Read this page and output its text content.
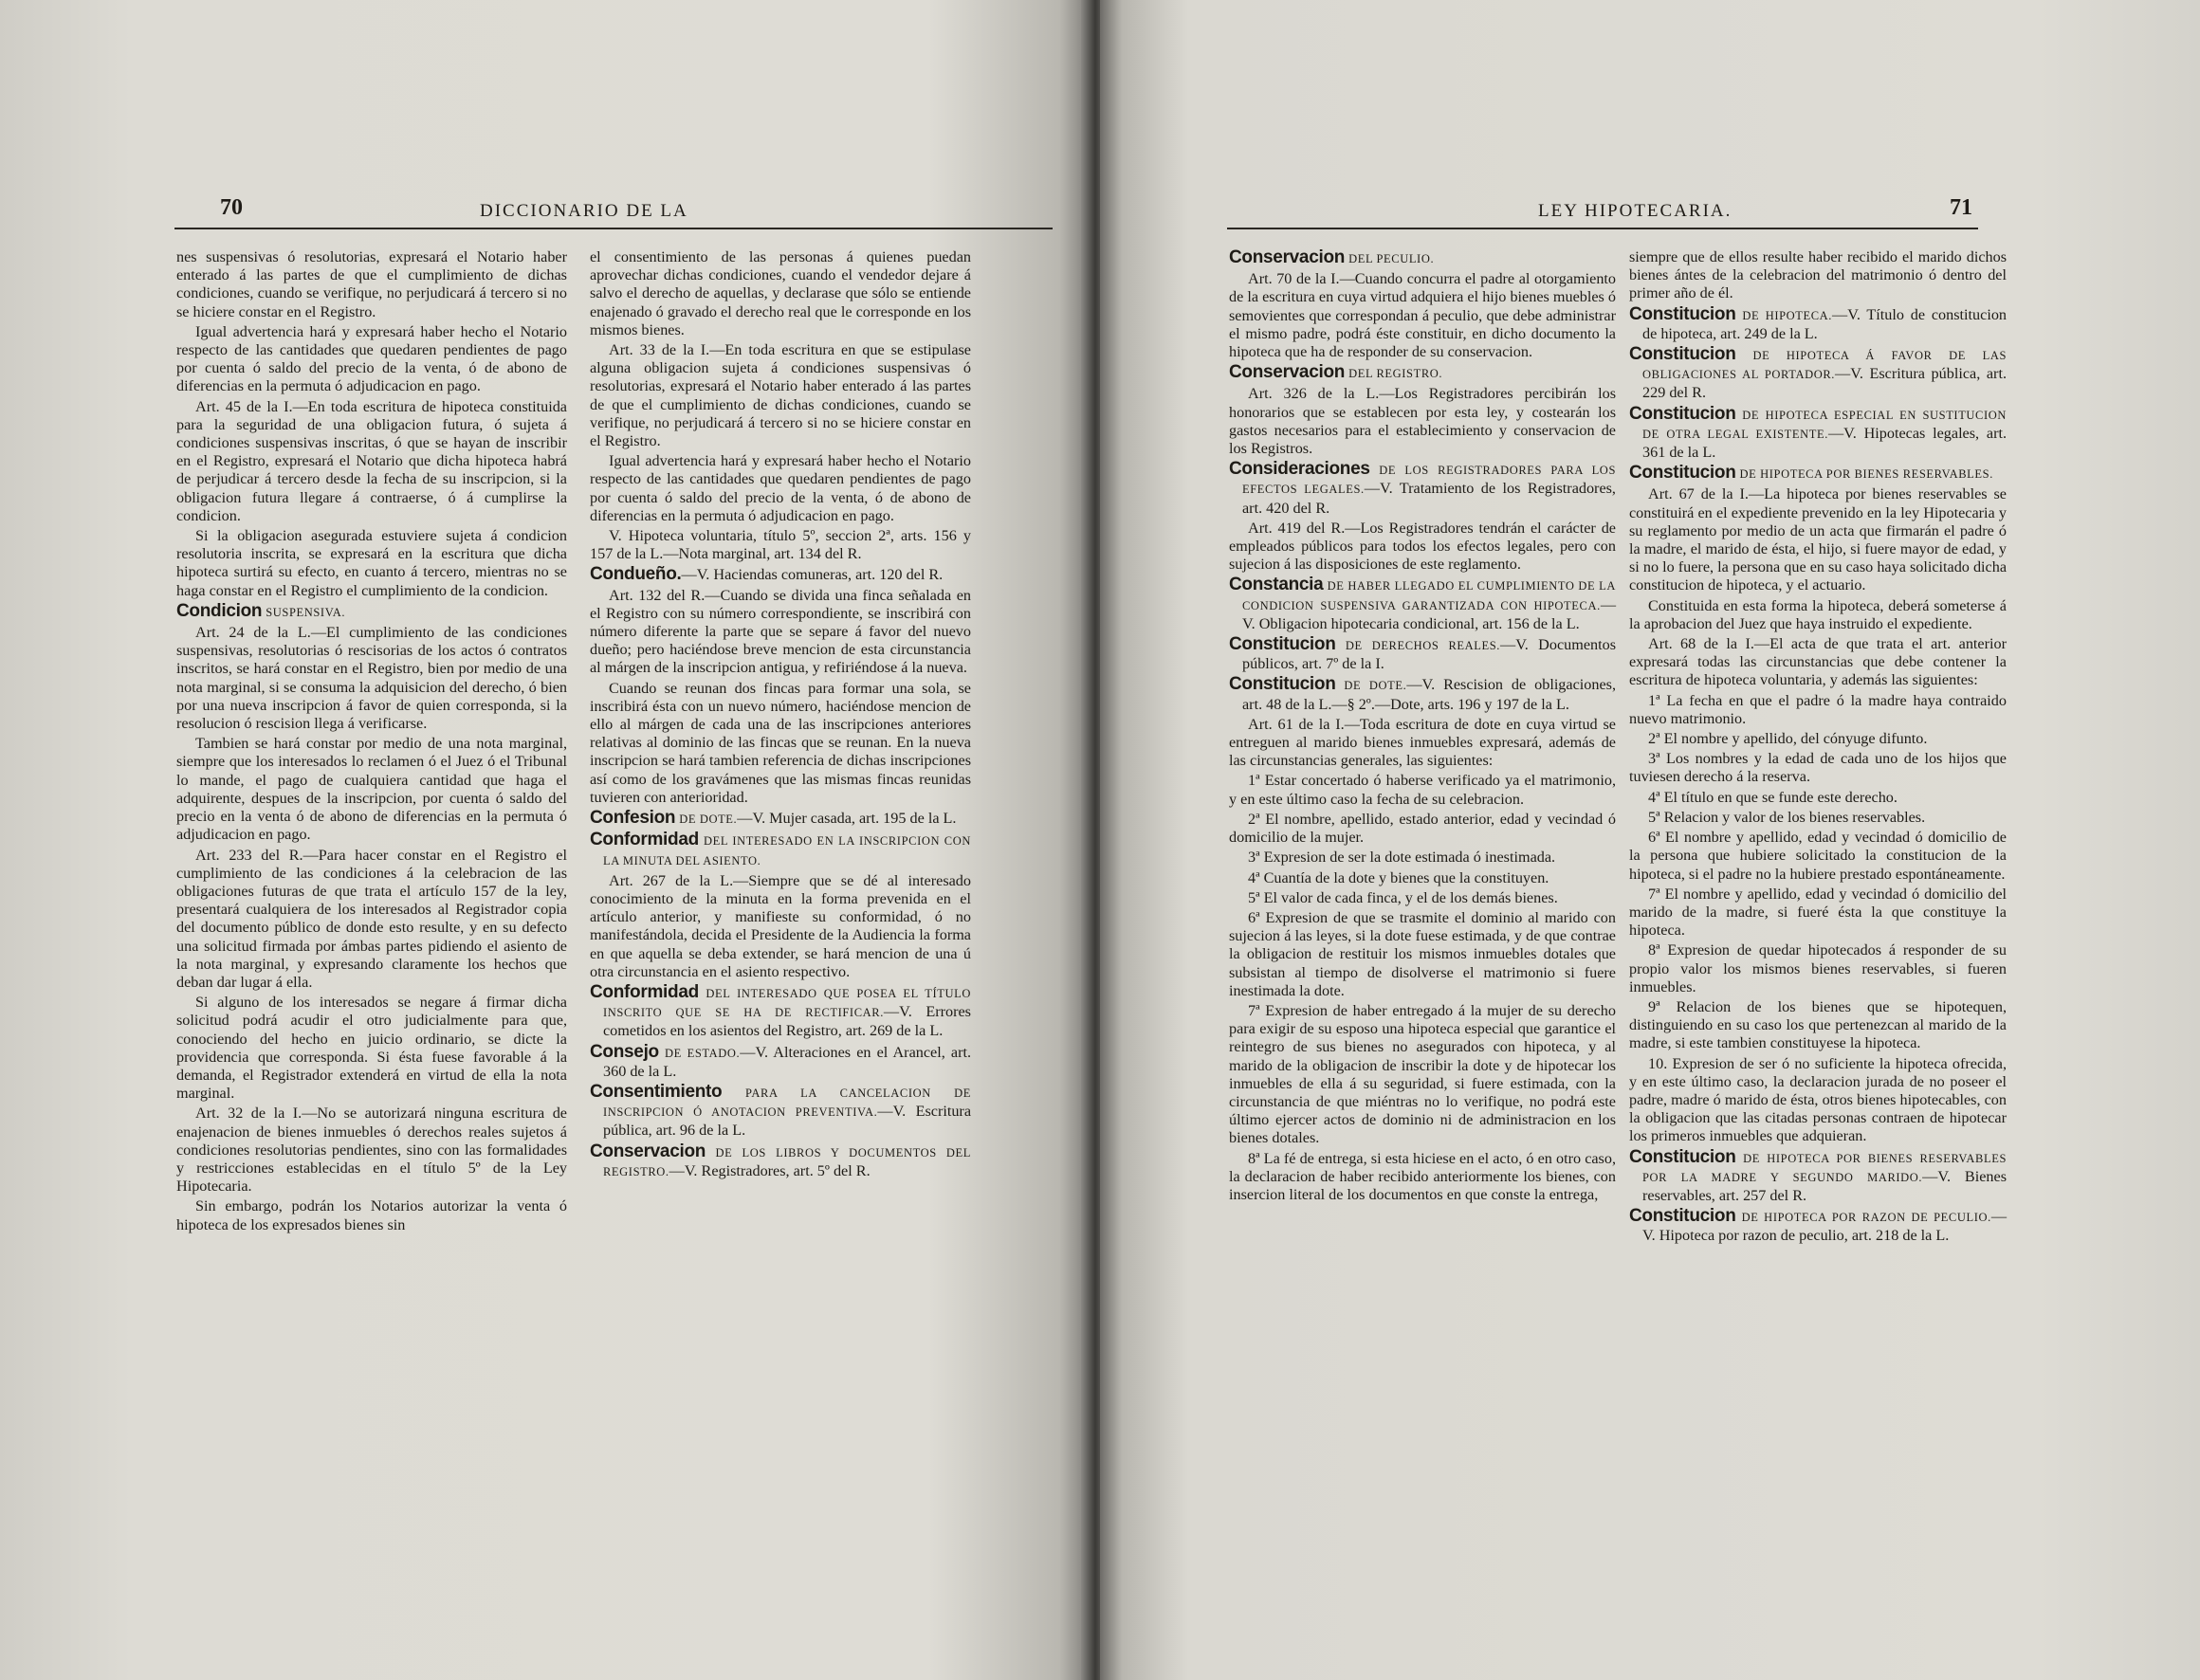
70	DICCIONARIO DE LA

nes suspensivas ó resolutorias, expresará el Notario haber enterado á las partes de que el cumplimiento de dichas condiciones, cuando se verifique, no perjudicará á tercero si no se hiciere constar en el Registro.

Igual advertencia hará y expresará haber hecho el Notario respecto de las cantidades que quedaren pendientes de pago por cuenta ó saldo del precio de la venta, ó de abono de diferencias en la permuta ó adjudicacion en pago.

Art. 45 de la I.—En toda escritura de hipoteca constituida para la seguridad de una obligacion futura, ó sujeta á condiciones suspensivas inscritas, ó que se hayan de inscribir en el Registro, expresará el Notario que dicha hipoteca habrá de perjudicar á tercero desde la fecha de su inscripcion, si la obligacion futura llegare á contraerse, ó á cumplirse la condicion.

Si la obligacion asegurada estuviere sujeta á condicion resolutoria inscrita, se expresará en la escritura que dicha hipoteca surtirá su efecto, en cuanto á tercero, mientras no se haga constar en el Registro el cumplimiento de la condicion.

Condicion SUSPENSIVA.

Art. 24 de la L.—El cumplimiento de las condiciones suspensivas, resolutorias ó rescisorias de los actos ó contratos inscritos, se hará constar en el Registro, bien por medio de una nota marginal, si se consuma la adquisicion del derecho, ó bien por una nueva inscripcion á favor de quien corresponda, si la resolucion ó rescision llega á verificarse.

Tambien se hará constar por medio de una nota marginal, siempre que los interesados lo reclamen ó el Juez ó el Tribunal lo mande, el pago de cualquiera cantidad que haga el adquirente, despues de la inscripcion, por cuenta ó saldo del precio en la venta ó de abono de diferencias en la permuta ó adjudicacion en pago.

Art. 233 del R.—Para hacer constar en el Registro el cumplimiento de las condiciones á la celebracion de las obligaciones futuras de que trata el artículo 157 de la ley, presentará cualquiera de los interesados al Registrador copia del documento público de donde esto resulte, y en su defecto una solicitud firmada por ámbas partes pidiendo el asiento de la nota marginal, y expresando claramente los hechos que deban dar lugar á ella.

Si alguno de los interesados se negare á firmar dicha solicitud podrá acudir el otro judicialmente para que, conociendo del hecho en juicio ordinario, se dicte la providencia que corresponda. Si ésta fuese favorable á la demanda, el Registrador extenderá en virtud de ella la nota marginal.

Art. 32 de la I.—No se autorizará ninguna escritura de enajenacion de bienes inmuebles ó derechos reales sujetos á condiciones resolutorias pendientes, sino con las formalidades y restricciones establecidas en el título 5º de la Ley Hipotecaria.

Sin embargo, podrán los Notarios autorizar la venta ó hipoteca de los expresados bienes sin

el consentimiento de las personas á quienes puedan aprovechar dichas condiciones, cuando el vendedor dejare á salvo el derecho de aquellas, y declarase que sólo se entiende enajenado ó gravado el derecho real que le corresponde en los mismos bienes.

Art. 33 de la I.—En toda escritura en que se estipulase alguna obligacion sujeta á condiciones suspensivas ó resolutorias, expresará el Notario haber enterado á las partes de que el cumplimiento de dichas condiciones, cuando se verifique, no perjudicará á tercero si no se hiciere constar en el Registro.

Igual advertencia hará y expresará haber hecho el Notario respecto de las cantidades que quedaren pendientes de pago por cuenta ó saldo del precio de la venta, ó de abono de diferencias en la permuta ó adjudicacion en pago.

V. Hipoteca voluntaria, título 5º, seccion 2ª, arts. 156 y 157 de la L.—Nota marginal, art. 134 del R.

Condueño.—V. Haciendas comuneras, art. 120 del R.

Art. 132 del R.—Cuando se divida una finca señalada en el Registro con su número correspondiente, se inscribirá con número diferente la parte que se separe á favor del nuevo dueño; pero haciéndose breve mencion de esta circunstancia al márgen de la inscripcion antigua, y refiriéndose á la nueva.

Cuando se reunan dos fincas para formar una sola, se inscribirá ésta con un nuevo número, haciéndose mencion de ello al márgen de cada una de las inscripciones anteriores relativas al dominio de las fincas que se reunan. En la nueva inscripcion se hará tambien referencia de dichas inscripciones así como de los gravámenes que las mismas fincas reunidas tuvieren con anterioridad.

Confesion DE DOTE.—V. Mujer casada, art. 195 de la L.

Conformidad DEL INTERESADO EN LA INSCRIPCION CON LA MINUTA DEL ASIENTO.

Art. 267 de la L.—Siempre que se dé al interesado conocimiento de la minuta en la forma prevenida en el artículo anterior, y manifieste su conformidad, ó no manifestándola, decida el Presidente de la Audiencia la forma en que aquella se deba extender, se hará mencion de una ú otra circunstancia en el asiento respectivo.

Conformidad DEL INTERESADO QUE POSEA EL TÍTULO INSCRITO QUE SE HA DE RECTIFICAR.—V. Errores cometidos en los asientos del Registro, art. 269 de la L.

Consejo DE ESTADO.—V. Alteraciones en el Arancel, art. 360 de la L.

Consentimiento PARA LA CANCELACION DE INSCRIPCION Ó ANOTACION PREVENTIVA.—V. Escritura pública, art. 96 de la L.

Conservacion DE LOS LIBROS Y DOCUMENTOS DEL REGISTRO.—V. Registradores, art. 5º del R.

LEY HIPOTECARIA.	71

Conservacion DEL PECULIO.

Art. 70 de la I.—Cuando concurra el padre al otorgamiento de la escritura en cuya virtud adquiera el hijo bienes muebles ó semovientes que correspondan á peculio, que debe administrar el mismo padre, podrá éste constituir, en dicho documento la hipoteca que ha de responder de su conservacion.

Conservacion DEL REGISTRO.

Art. 326 de la L.—Los Registradores percibirán los honorarios que se establecen por esta ley, y costearán los gastos necesarios para el establecimiento y conservacion de los Registros.

Consideraciones DE LOS REGISTRADORES PARA LOS EFECTOS LEGALES.—V. Tratamiento de los Registradores, art. 420 del R.

Art. 419 del R.—Los Registradores tendrán el carácter de empleados públicos para todos los efectos legales, pero con sujecion á las disposiciones de este reglamento.

Constancia DE HABER LLEGADO EL CUMPLIMIENTO DE LA CONDICION SUSPENSIVA GARANTIZADA CON HIPOTECA.—V. Obligacion hipotecaria condicional, art. 156 de la L.

Constitucion DE DERECHOS REALES.—V. Documentos públicos, art. 7º de la I.

Constitucion DE DOTE.—V. Rescision de obligaciones, art. 48 de la L.—§ 2º.—Dote, arts. 196 y 197 de la L.

Art. 61 de la I.—Toda escritura de dote en cuya virtud se entreguen al marido bienes inmuebles expresará, además de las circunstancias generales, las siguientes:

1ª Estar concertado ó haberse verificado ya el matrimonio, y en este último caso la fecha de su celebracion.

2ª El nombre, apellido, estado anterior, edad y vecindad ó domicilio de la mujer.

3ª Expresion de ser la dote estimada ó inestimada.

4ª Cuantía de la dote y bienes que la constituyen.

5ª El valor de cada finca, y el de los demás bienes.

6ª Expresion de que se trasmite el dominio al marido con sujecion á las leyes, si la dote fuese estimada, y de que contrae la obligacion de restituir los mismos inmuebles dotales que subsistan al tiempo de disolverse el matrimonio si fuere inestimada la dote.

7ª Expresion de haber entregado á la mujer de su derecho para exigir de su esposo una hipoteca especial que garantice el reintegro de sus bienes no asegurados con hipoteca, y al marido de la obligacion de inscribir la dote y de hipotecar los inmuebles de ella á su seguridad, si fuere estimada, con la circunstancia de que miéntras no lo verifique, no podrá este último ejercer actos de dominio ni de administracion en los bienes dotales.

8ª La fé de entrega, si esta hiciese en el acto, ó en otro caso, la declaracion de haber recibido anteriormente los bienes, con insercion literal de los documentos en que conste la entrega,

siempre que de ellos resulte haber recibido el marido dichos bienes ántes de la celebracion del matrimonio ó dentro del primer año de él.

Constitucion DE HIPOTECA.—V. Título de constitucion de hipoteca, art. 249 de la L.

Constitucion DE HIPOTECA Á FAVOR DE LAS OBLIGACIONES AL PORTADOR.—V. Escritura pública, art. 229 del R.

Constitucion DE HIPOTECA ESPECIAL EN SUSTITUCION DE OTRA LEGAL EXISTENTE.—V. Hipotecas legales, art. 361 de la L.

Constitucion DE HIPOTECA POR BIENES RESERVABLES.

Art. 67 de la I.—La hipoteca por bienes reservables se constituirá en el expediente prevenido en la ley Hipotecaria y su reglamento por medio de un acta que firmarán el padre ó la madre, el marido de ésta, el hijo, si fuere mayor de edad, y si no lo fuere, la persona que en su caso haya solicitado dicha constitucion de hipoteca, y el actuario.

Constituida en esta forma la hipoteca, deberá someterse á la aprobacion del Juez que haya instruido el expediente.

Art. 68 de la I.—El acta de que trata el art. anterior expresará todas las circunstancias que debe contener la escritura de hipoteca voluntaria, y además las siguientes:

1ª La fecha en que el padre ó la madre haya contraido nuevo matrimonio.

2ª El nombre y apellido, del cónyuge difunto.

3ª Los nombres y la edad de cada uno de los hijos que tuviesen derecho á la reserva.

4ª El título en que se funde este derecho.

5ª Relacion y valor de los bienes reservables.

6ª El nombre y apellido, edad y vecindad ó domicilio de la persona que hubiere solicitado la constitucion de la hipoteca, si el padre no la hubiere prestado espontáneamente.

7ª El nombre y apellido, edad y vecindad ó domicilio del marido de la madre, si fueré ésta la que constituye la hipoteca.

8ª Expresion de quedar hipotecados á responder de su propio valor los mismos bienes reservables, si fueren inmuebles.

9ª Relacion de los bienes que se hipotequen, distinguiendo en su caso los que pertenezcan al marido de la madre, si este tambien constituyese la hipoteca.

10. Expresion de ser ó no suficiente la hipoteca ofrecida, y en este último caso, la declaracion jurada de no poseer el padre, madre ó marido de ésta, otros bienes hipotecables, con la obligacion que las citadas personas contraen de hipotecar los primeros inmuebles que adquieran.

Constitucion DE HIPOTECA POR BIENES RESERVABLES POR LA MADRE Y SEGUNDO MARIDO.—V. Bienes reservables, art. 257 del R.

Constitucion DE HIPOTECA POR RAZON DE PECULIO.—V. Hipoteca por razon de peculio, art. 218 de la L.
